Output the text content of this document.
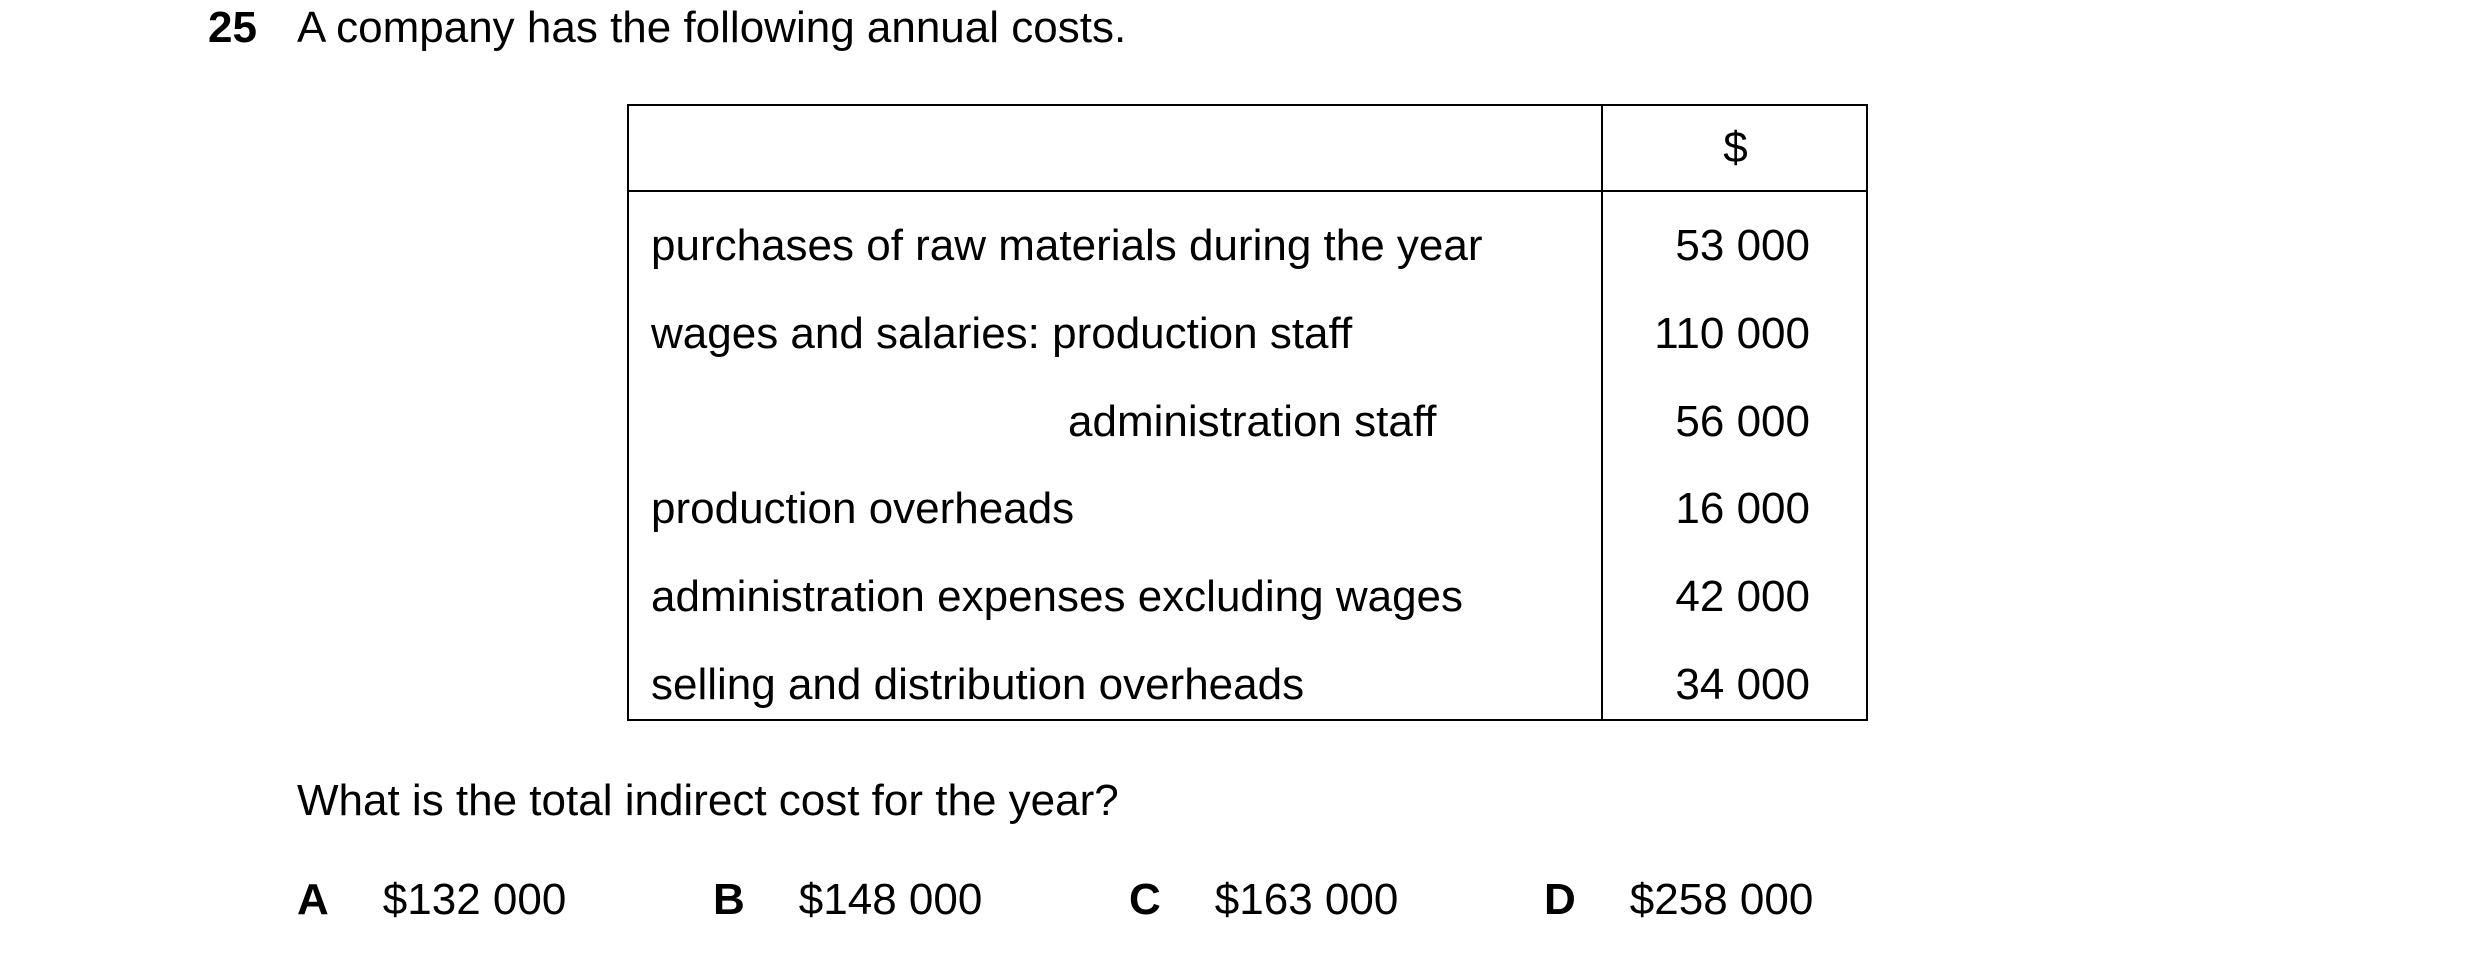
25 A company has the following annual costs.
$
purchases of raw materials during the year	53 000
wages and salaries: production staff	110 000
administration staff	56 000
production overheads	16 000
administration expenses excluding wages	42 000
selling and distribution overheads	34 000
What is the total indirect cost for the year?
A $132 000	B $148 000	C $163 000	D $258 000
